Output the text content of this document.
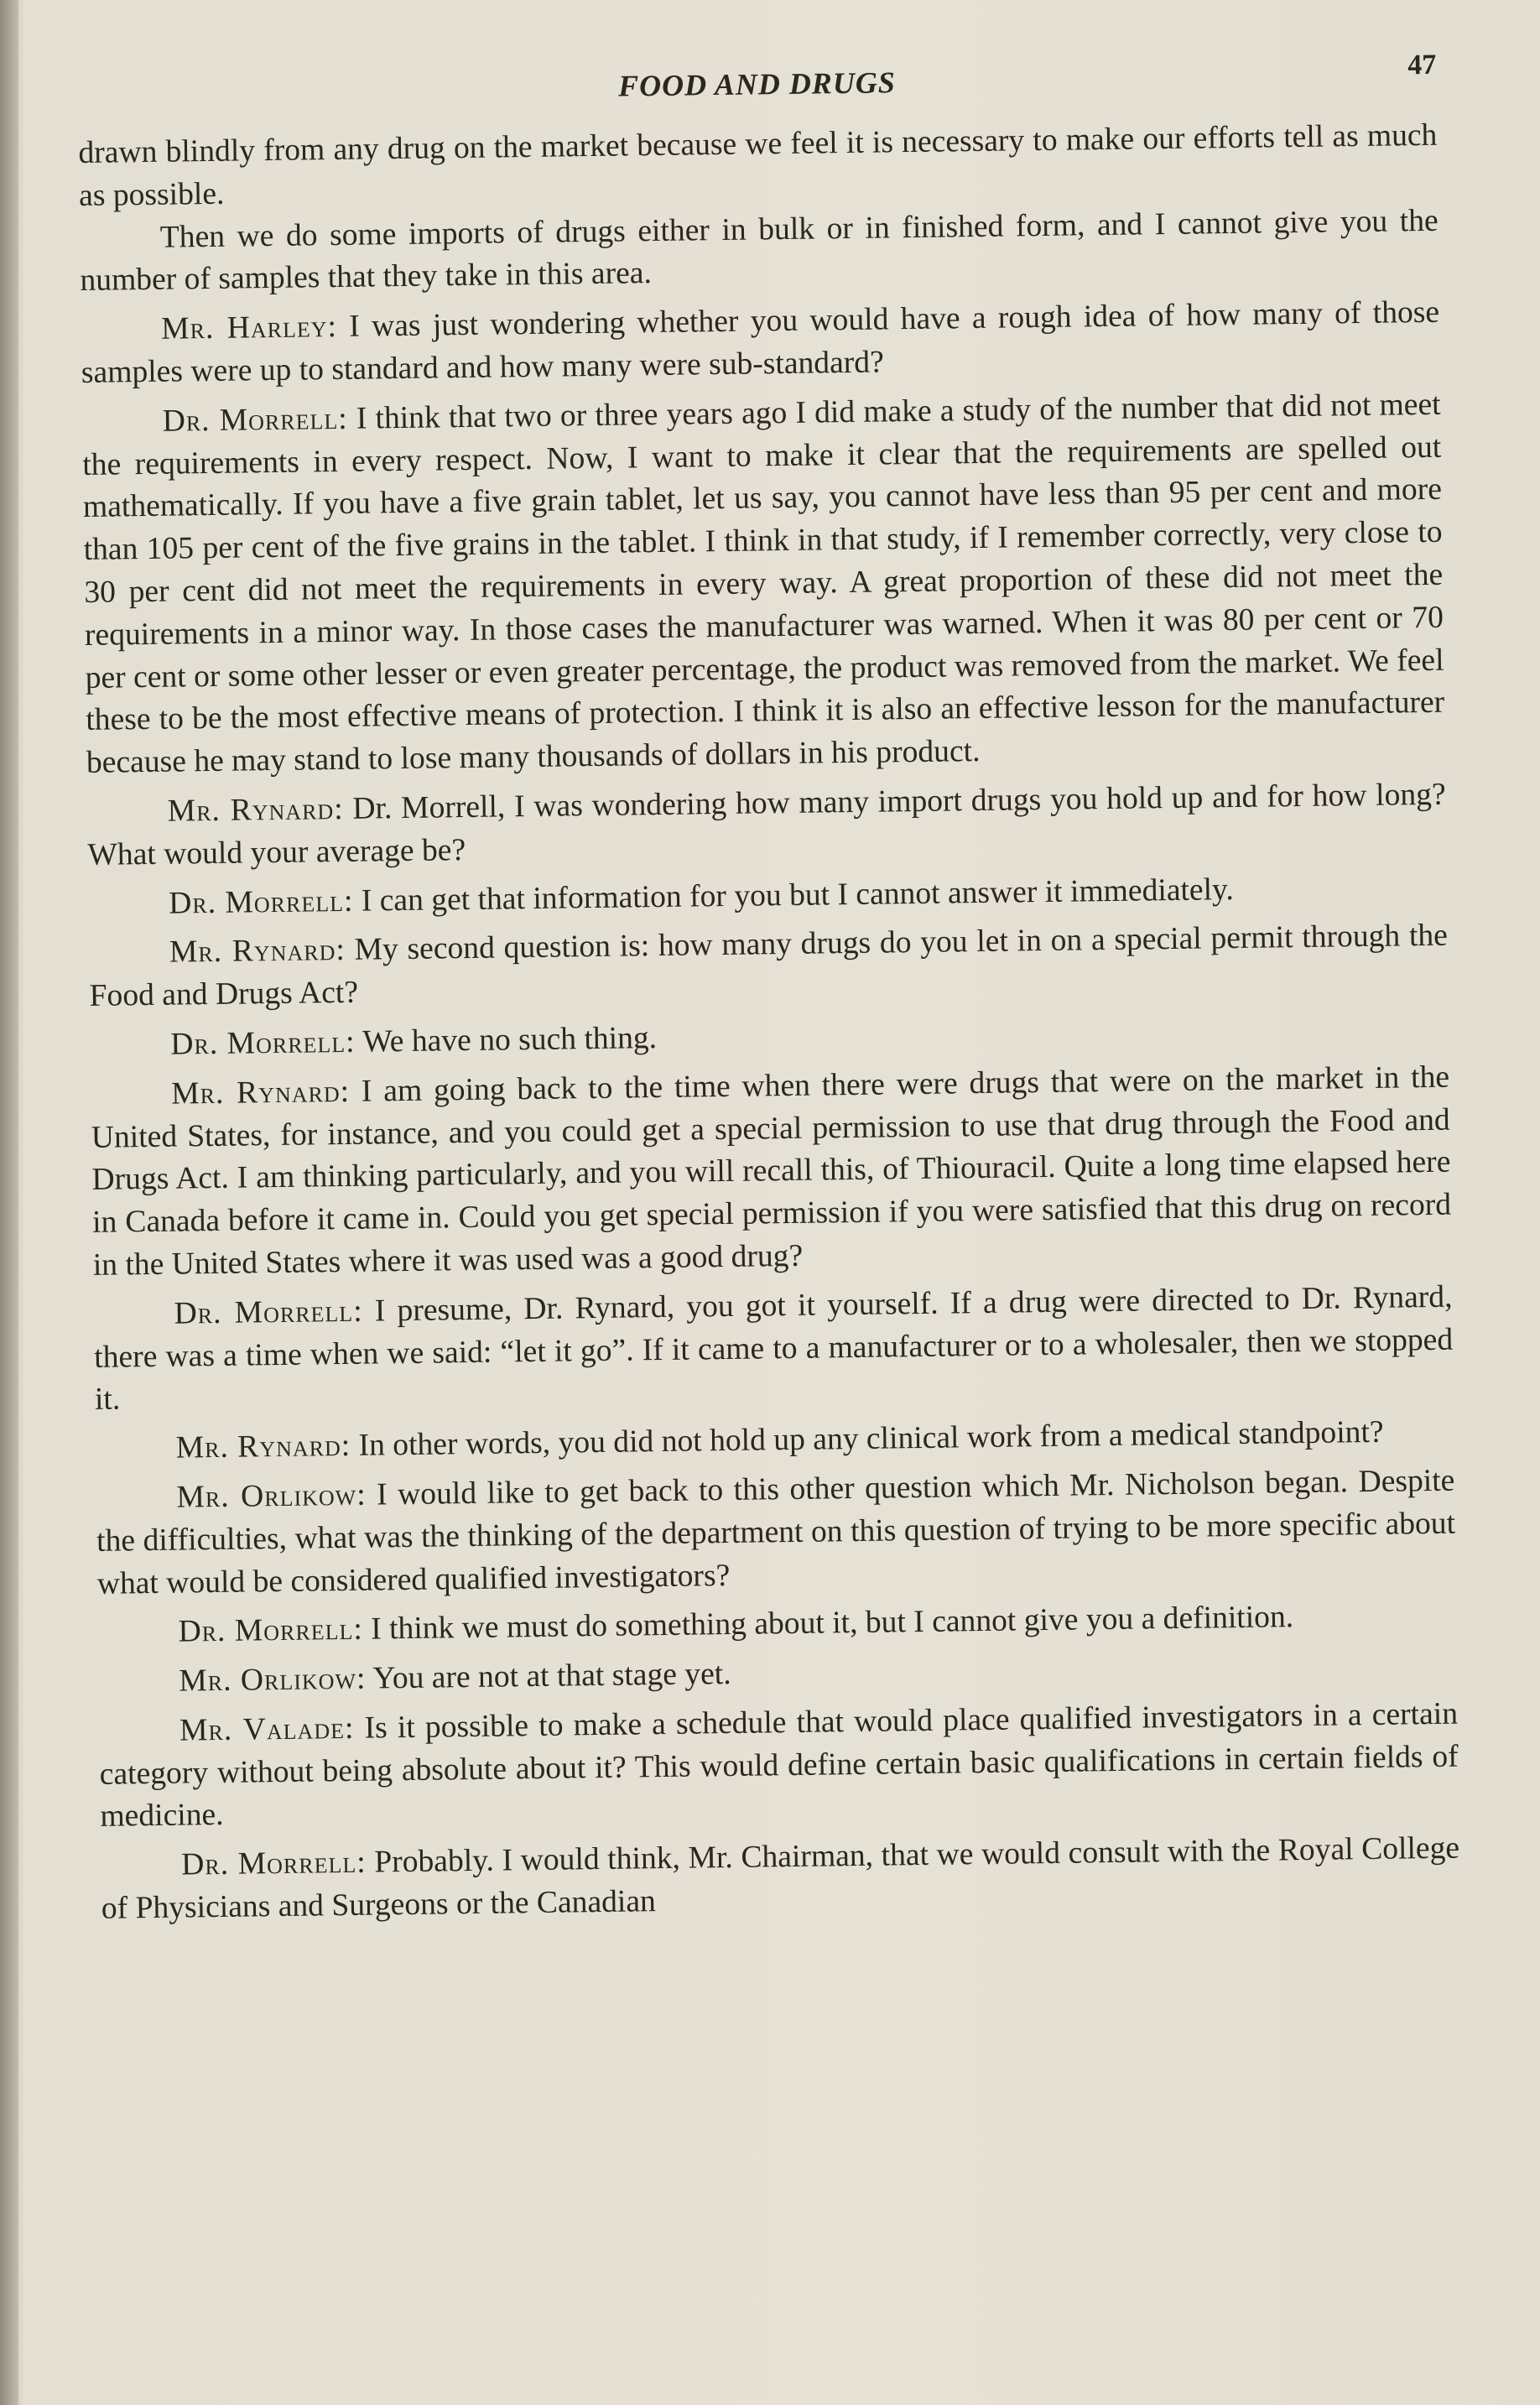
FOOD AND DRUGS
47

drawn blindly from any drug on the market because we feel it is necessary to make our efforts tell as much as possible.

Then we do some imports of drugs either in bulk or in finished form, and I cannot give you the number of samples that they take in this area.

Mr. Harley: I was just wondering whether you would have a rough idea of how many of those samples were up to standard and how many were sub-standard?

Dr. Morrell: I think that two or three years ago I did make a study of the number that did not meet the requirements in every respect. Now, I want to make it clear that the requirements are spelled out mathematically. If you have a five grain tablet, let us say, you cannot have less than 95 per cent and more than 105 per cent of the five grains in the tablet. I think in that study, if I remember correctly, very close to 30 per cent did not meet the requirements in every way. A great proportion of these did not meet the requirements in a minor way. In those cases the manufacturer was warned. When it was 80 per cent or 70 per cent or some other lesser or even greater percentage, the product was removed from the market. We feel these to be the most effective means of protection. I think it is also an effective lesson for the manufacturer because he may stand to lose many thousands of dollars in his product.

Mr. Rynard: Dr. Morrell, I was wondering how many import drugs you hold up and for how long? What would your average be?

Dr. Morrell: I can get that information for you but I cannot answer it immediately.

Mr. Rynard: My second question is: how many drugs do you let in on a special permit through the Food and Drugs Act?

Dr. Morrell: We have no such thing.

Mr. Rynard: I am going back to the time when there were drugs that were on the market in the United States, for instance, and you could get a special permission to use that drug through the Food and Drugs Act. I am thinking particularly, and you will recall this, of Thiouracil. Quite a long time elapsed here in Canada before it came in. Could you get special permission if you were satisfied that this drug on record in the United States where it was used was a good drug?

Dr. Morrell: I presume, Dr. Rynard, you got it yourself. If a drug were directed to Dr. Rynard, there was a time when we said: “let it go”. If it came to a manufacturer or to a wholesaler, then we stopped it.

Mr. Rynard: In other words, you did not hold up any clinical work from a medical standpoint?

Mr. Orlikow: I would like to get back to this other question which Mr. Nicholson began. Despite the difficulties, what was the thinking of the department on this question of trying to be more specific about what would be considered qualified investigators?

Dr. Morrell: I think we must do something about it, but I cannot give you a definition.

Mr. Orlikow: You are not at that stage yet.

Mr. Valade: Is it possible to make a schedule that would place qualified investigators in a certain category without being absolute about it? This would define certain basic qualifications in certain fields of medicine.

Dr. Morrell: Probably. I would think, Mr. Chairman, that we would consult with the Royal College of Physicians and Surgeons or the Canadian
